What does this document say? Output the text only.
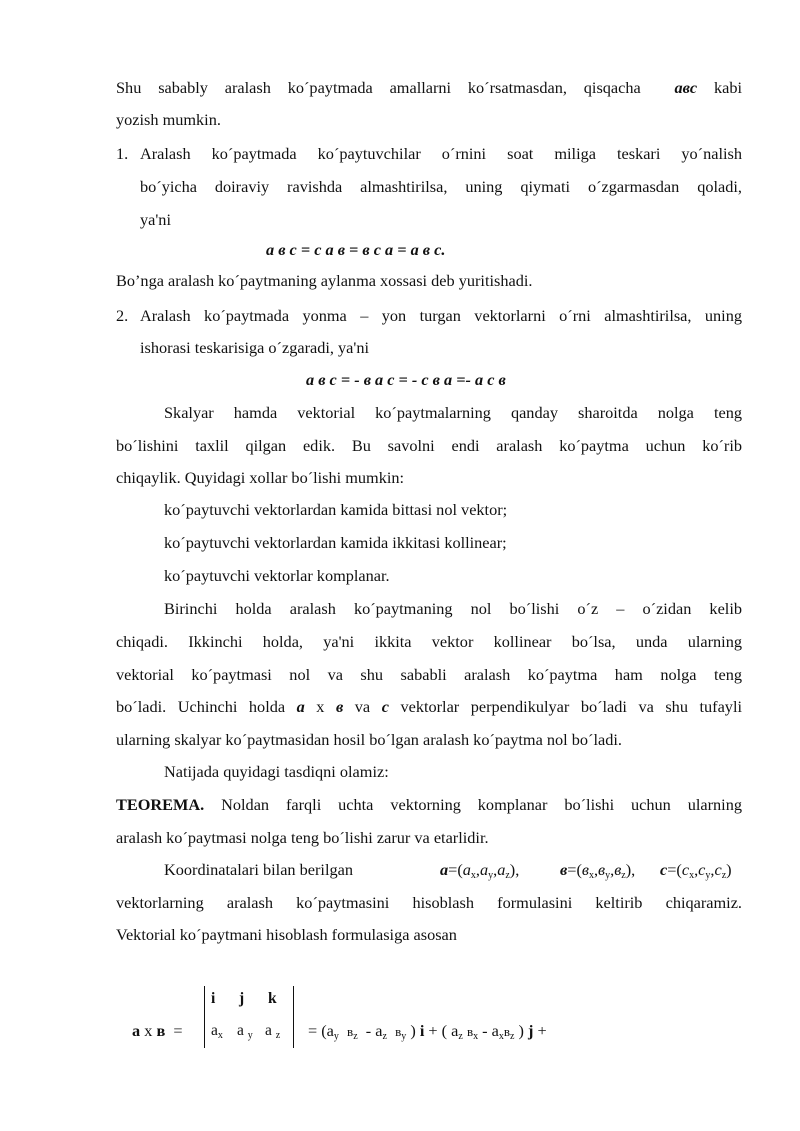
Shu sabably aralash ko´paytmada amallarni ko´rsatmasdan, qisqacha авc kabi
yozish mumkin.
1. Aralash ko´paytmada ko´paytuvchilar o´rnini soat miliga teskari yo´nalish
bo´yicha doiraviy ravishda almashtirilsa, uning qiymati o´zgarmasdan qoladi,
ya'ni
а в c = c а в = в c а = а в c.
Bo’nga aralash ko´paytmaning aylanma xossasi deb yuritishadi.
2. Aralash ko´paytmada yonma – yon turgan vektorlarni o´rni almashtirilsa, uning
ishorasi teskarisiga o´zgaradi, ya'ni
а в c = - в а c = - c в а =- а c в
Skalyar hamda vektorial ko´paytmalarning qanday sharoitda nolga teng
bo´lishini taxlil qilgan edik. Bu savolni endi aralash ko´paytma uchun ko´rib
chiqaylik. Quyidagi xollar bo´lishi mumkin:
ko´paytuvchi vektorlardan kamida bittasi nol vektor;
ko´paytuvchi vektorlardan kamida ikkitasi kollinear;
ko´paytuvchi vektorlar komplanar.
Birinchi holda aralash ko´paytmaning nol bo´lishi o´z – o´zidan kelib
chiqadi. Ikkinchi holda, ya'ni ikkita vektor kollinear bo´lsa, unda ularning
vektorial ko´paytmasi nol va shu sababli aralash ko´paytma ham nolga teng
bo´ladi. Uchinchi holda а x в va c vektorlar perpendikulyar bo´ladi va shu tufayli
ularning skalyar ko´paytmasidan hosil bo´lgan aralash ko´paytma nol bo´ladi.
Natijada quyidagi tasdiqni olamiz:
TEOREMA. Noldan farqli uchta vektorning komplanar bo´lishi uchun ularning
aralash ko´paytmasi nolga teng bo´lishi zarur va etarlidir.
Koordinatalari bilan berilgan	$а=(a_x,a_y,a_z)$, $в=(в_x,в_y,в_z)$, $c=(c_x,c_y,c_z)$
vektorlarning aralash ko´paytmasini hisoblash formulasini keltirib chiqaramiz.
Vektorial ko´paytmani hisoblash formulasiga asosan
а x в =
i j k
$a_x$ a $_y$ a $_z = (a_y$ $в_z - a_z$ $в_y$ ) i + ( $a_z$ $в_x - a_xв_z$ ) j +
